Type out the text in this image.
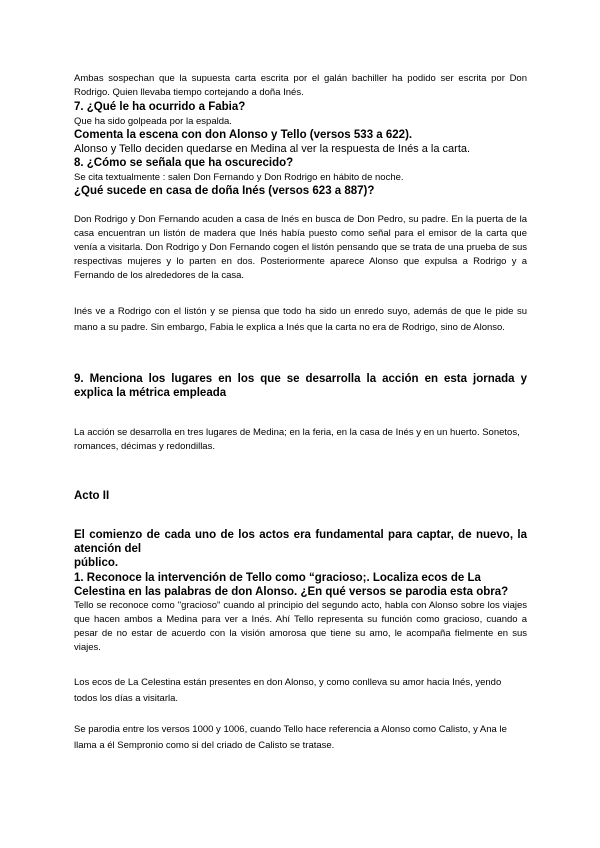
Ambas sospechan que la supuesta carta escrita por el galán bachiller ha podido ser escrita por Don Rodrigo. Quien llevaba tiempo cortejando a doña Inés.

7. ¿Qué le ha ocurrido a Fabia?

Que ha sido golpeada por la espalda.

Comenta la escena con don Alonso y Tello (versos 533 a 622).

Alonso y Tello deciden quedarse en Medina al ver la respuesta de Inés a la carta.

8. ¿Cómo se señala que ha oscurecido?

Se cita textualmente : salen Don Fernando y Don Rodrigo en hábito de noche.

¿Qué sucede en casa de doña Inés (versos 623 a 887)?

Don Rodrigo y Don Fernando acuden a casa de Inés en busca de Don Pedro, su padre. En la puerta de la casa encuentran un listón de madera que Inés había puesto como señal para el emisor de la carta que venía a visitarla. Don Rodrigo y Don Fernando cogen el listón pensando que se trata de una prueba de sus respectivas mujeres y lo parten en dos. Posteriormente aparece Alonso que expulsa a Rodrigo y a Fernando de los alrededores de la casa.

Inés ve a Rodrigo con el listón y se piensa que todo ha sido un enredo suyo, además de que le pide su mano a su padre. Sin embargo, Fabia le explica a Inés que la carta no era de Rodrigo, sino de Alonso.

9. Menciona los lugares en los que se desarrolla la acción en esta jornada y explica la métrica empleada

La acción se desarrolla en tres lugares de Medina; en la feria, en la casa de Inés y en un huerto. Sonetos, romances, décimas y redondillas.

Acto II

El comienzo de cada uno de los actos era fundamental para captar, de nuevo, la atención del

público.

1. Reconoce la intervención de Tello como “gracioso;. Localiza ecos de La Celestina en las palabras de don Alonso. ¿En qué versos se parodia esta obra?

Tello se reconoce como "gracioso" cuando al principio del segundo acto, habla con Alonso sobre los viajes que hacen ambos a Medina para ver a Inés. Ahí Tello representa su función como gracioso, cuando a pesar de no estar de acuerdo con la visión amorosa que tiene su amo, le acompaña fielmente en sus viajes.

Los ecos de La Celestina están presentes en don Alonso, y como conlleva su amor hacia Inés, yendo todos los días a visitarla.

Se parodia entre los versos 1000 y 1006, cuando Tello hace referencia a Alonso como Calisto, y Ana le llama a él Sempronio como si del criado de Calisto se tratase.
